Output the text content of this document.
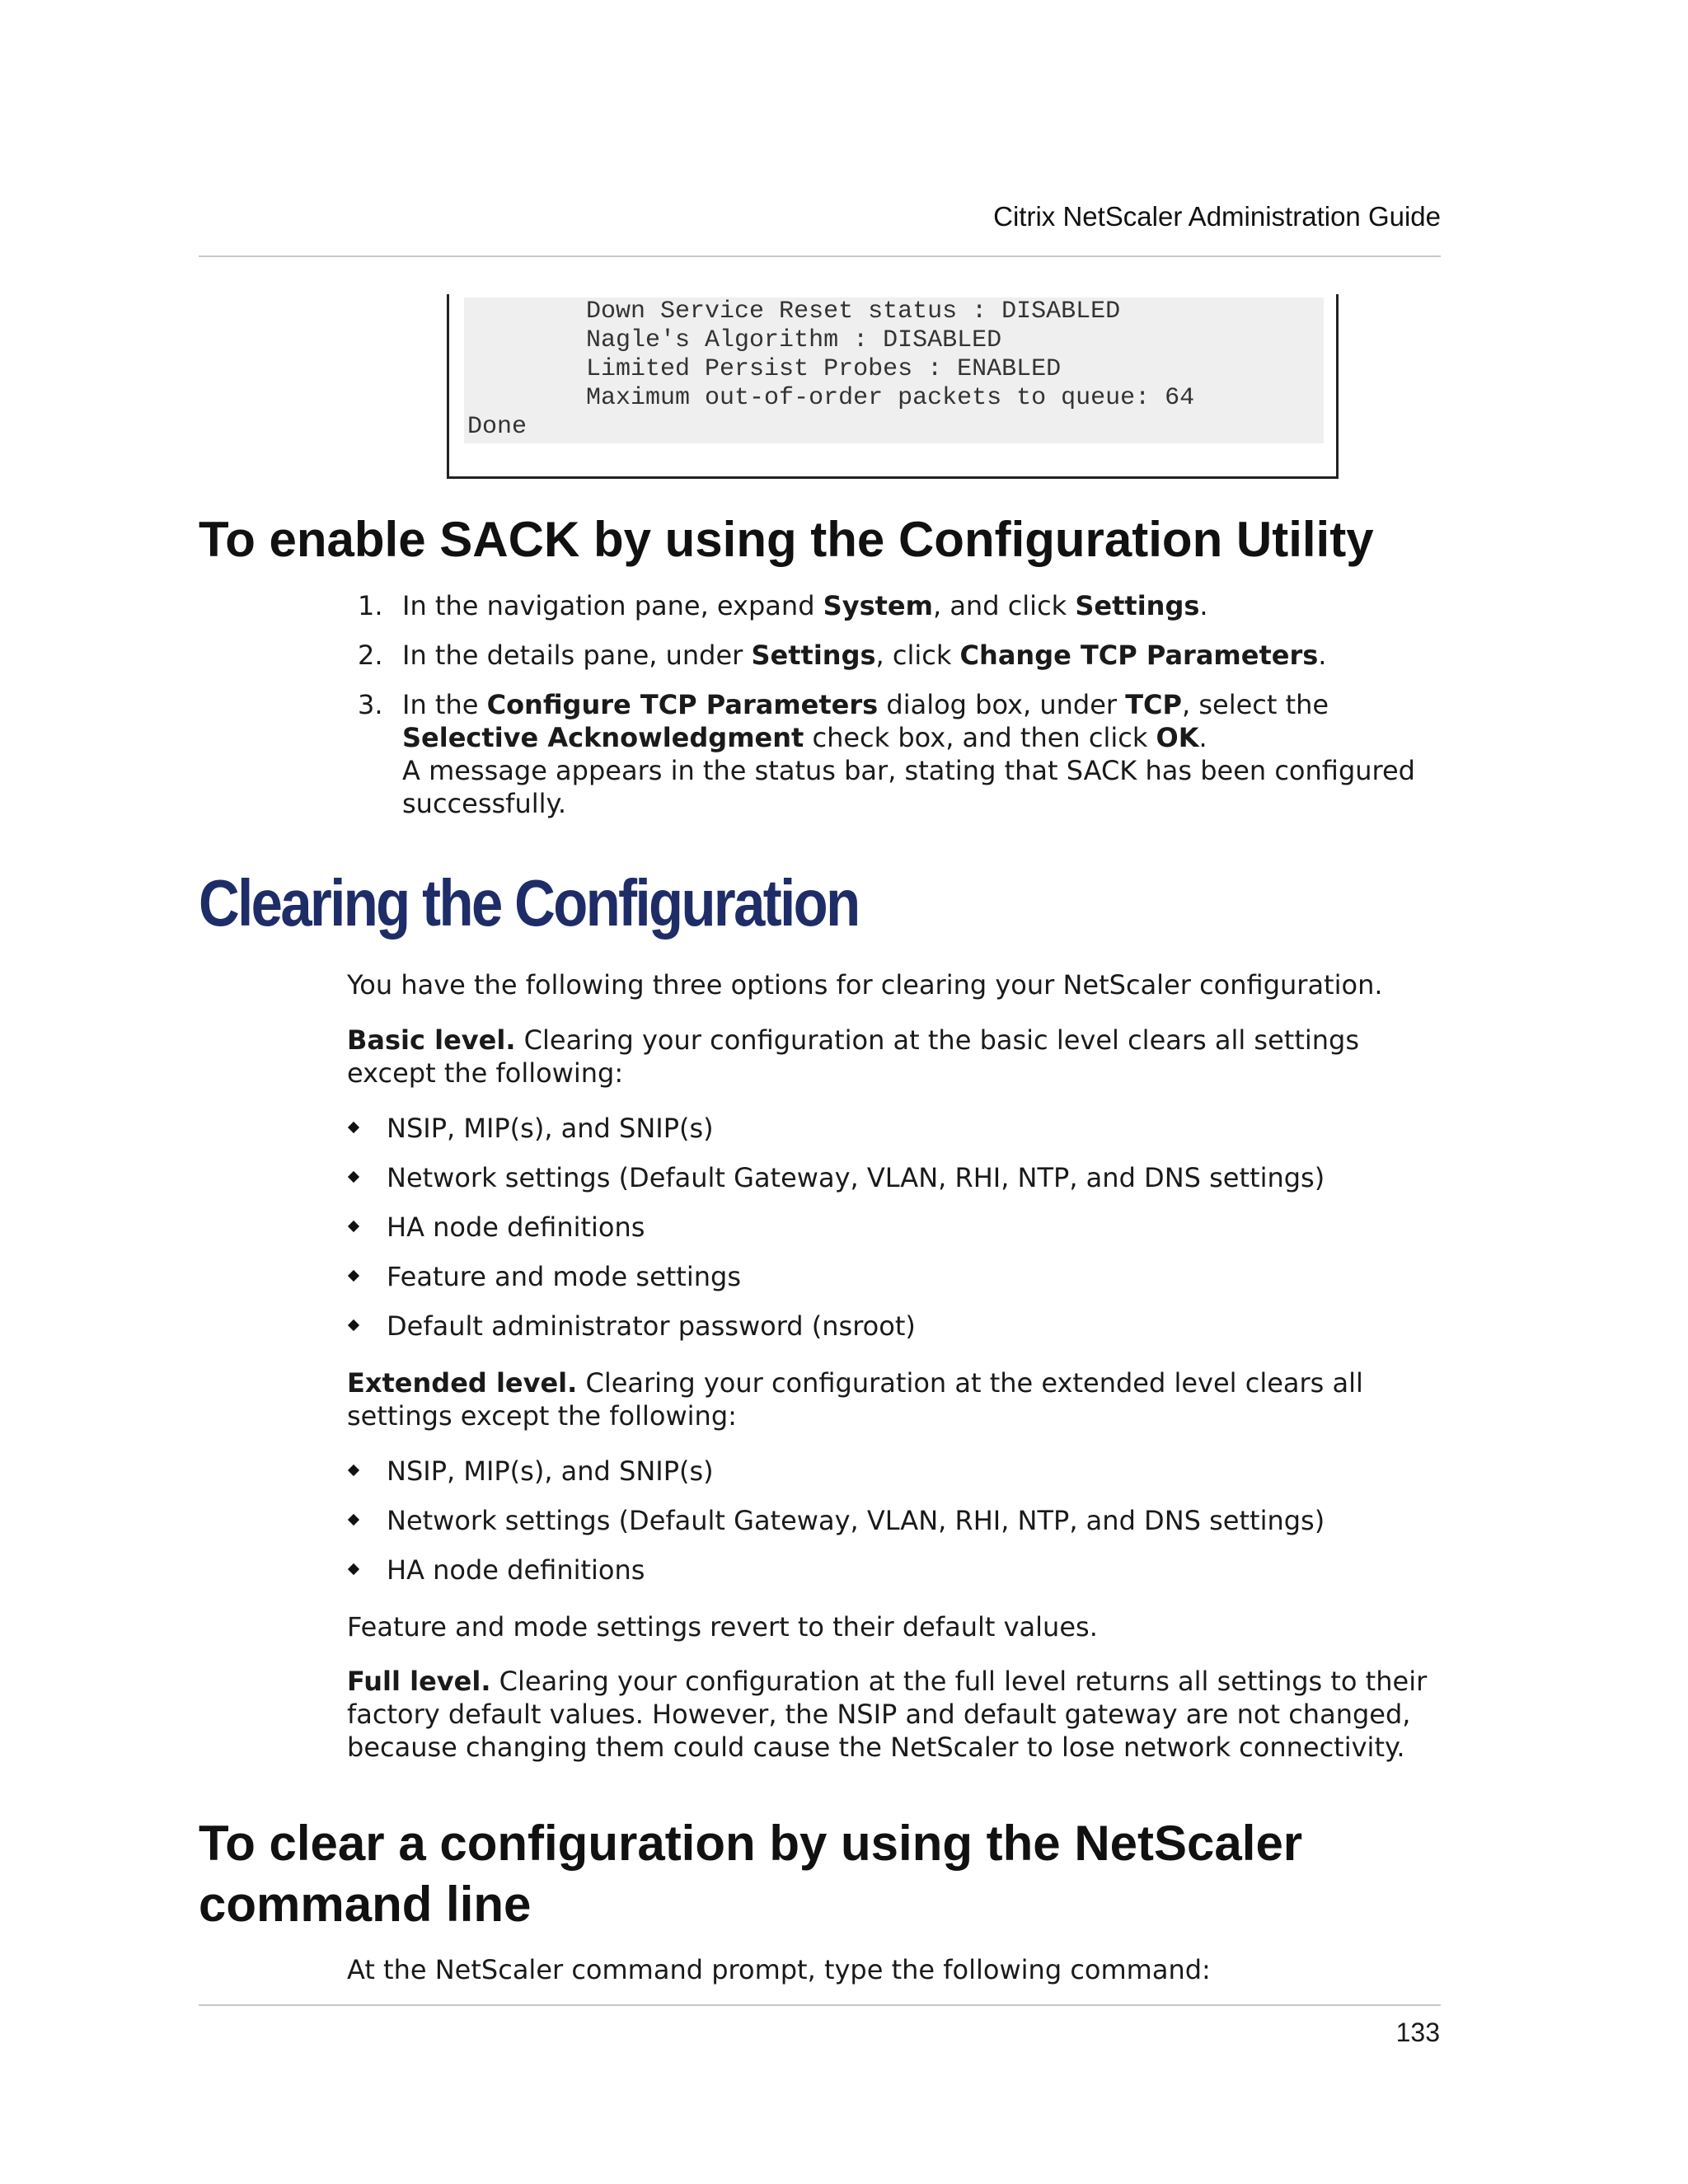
Citrix NetScaler Administration Guide
Down Service Reset status : DISABLED
Nagle's Algorithm : DISABLED
Limited Persist Probes : ENABLED
Maximum out-of-order packets to queue: 64
Done
To enable SACK by using the Configuration Utility
1. In the navigation pane, expand System, and click Settings.
2. In the details pane, under Settings, click Change TCP Parameters.
3. In the Configure TCP Parameters dialog box, under TCP, select the Selective Acknowledgment check box, and then click OK.
A message appears in the status bar, stating that SACK has been configured successfully.
Clearing the Configuration
You have the following three options for clearing your NetScaler configuration.
Basic level. Clearing your configuration at the basic level clears all settings except the following:
NSIP, MIP(s), and SNIP(s)
Network settings (Default Gateway, VLAN, RHI, NTP, and DNS settings)
HA node definitions
Feature and mode settings
Default administrator password (nsroot)
Extended level. Clearing your configuration at the extended level clears all settings except the following:
NSIP, MIP(s), and SNIP(s)
Network settings (Default Gateway, VLAN, RHI, NTP, and DNS settings)
HA node definitions
Feature and mode settings revert to their default values.
Full level. Clearing your configuration at the full level returns all settings to their factory default values. However, the NSIP and default gateway are not changed, because changing them could cause the NetScaler to lose network connectivity.
To clear a configuration by using the NetScaler command line
At the NetScaler command prompt, type the following command:
133
